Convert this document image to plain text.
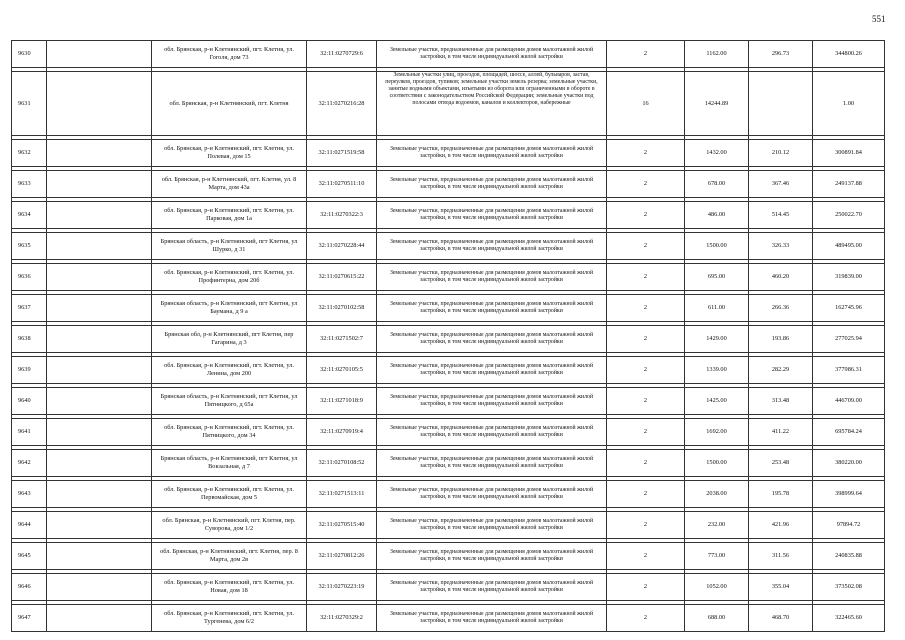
551
9630		обл. Брянская, р-н Клетнянский, пгт. Клетня, ул. Гоголя, дом 73	32:11:0270729:6	Земельные участки, предназначенные для размещения домов малоэтажной жилой застройки, в том числе индивидуальной жилой застройки	2	1162.00	296.73	344800.26

9631		обл. Брянская, р-н Клетнянский, пгт. Клетня	32:11:0270216:28	Земельные участки улиц, проездов, площадей, шоссе, аллей, бульваров, застав, переулков, проездов, тупиков; земельные участки земель резерва; земельные участки, занятые водными объектами, изъятыми из оборота или ограниченными в обороте в соответствии с законодательством Российской Федерации; земельные участки под полосами отвода водоемов, каналов и коллекторов, набережные	16	14244.89		1.00

9632		обл. Брянская, р-н Клетнянский, пгт. Клетня, ул. Полевая, дом 15	32:11:0271519:58	Земельные участки, предназначенные для размещения домов малоэтажной жилой застройки, в том числе индивидуальной жилой застройки	2	1432.00	210.12	300891.84

9633		обл. Брянская, р-н Клетнянский, пгт. Клетня, ул. 8 Марта, дом 43а	32:11:0270511:10	Земельные участки, предназначенные для размещения домов малоэтажной жилой застройки, в том числе индивидуальной жилой застройки	2	678.00	367.46	249137.88

9634		обл. Брянская, р-н Клетнянский, пгт. Клетня, ул. Парковая, дом 1а	32:11:0270322:3	Земельные участки, предназначенные для размещения домов малоэтажной жилой застройки, в том числе индивидуальной жилой застройки	2	486.00	514.45	250022.70

9635		Брянская область, р-н Клетнянский, пгт Клетня, ул Шурко, д 31	32:11:0270228:44	Земельные участки, предназначенные для размещения домов малоэтажной жилой застройки, в том числе индивидуальной жилой застройки	2	1500.00	326.33	489495.00

9636		обл. Брянская, р-н Клетнянский, пгт. Клетня, ул. Профинтерна, дом 20б	32:11:0270615:22	Земельные участки, предназначенные для размещения домов малоэтажной жилой застройки, в том числе индивидуальной жилой застройки	2	695.00	460.20	319839.00

9637		Брянская область, р-н Клетнянский, пгт Клетня, ул Баумана, д 9 а	32:11:0270102:58	Земельные участки, предназначенные для размещения домов малоэтажной жилой застройки, в том числе индивидуальной жилой застройки	2	611.00	266.36	162745.96

9638		Брянская обл, р-н Клетнянский, пгт Клетня, пер Гагарина, д 3	32:11:0271502:7	Земельные участки, предназначенные для размещения домов малоэтажной жилой застройки, в том числе индивидуальной жилой застройки	2	1429.00	193.86	277025.94

9639		обл. Брянская, р-н Клетнянский, пгт. Клетня, ул. Ленина, дом 200	32:11:0270105:5	Земельные участки, предназначенные для размещения домов малоэтажной жилой застройки, в том числе индивидуальной жилой застройки	2	1339.00	282.29	377986.31

9640		Брянская область, р-н Клетнянский, пгт Клетня, ул Пятницкого, д 65а	32:11:0271018:9	Земельные участки, предназначенные для размещения домов малоэтажной жилой застройки, в том числе индивидуальной жилой застройки	2	1425.00	313.48	446709.00

9641		обл. Брянская, р-н Клетнянский, пгт. Клетня, ул. Пятницкого, дом 34	32:11:0270919:4	Земельные участки, предназначенные для размещения домов малоэтажной жилой застройки, в том числе индивидуальной жилой застройки	2	1692.00	411.22	695784.24

9642		Брянская область, р-н Клетнянский, пгт Клетня, ул Вокзальная, д 7	32:11:0270108:52	Земельные участки, предназначенные для размещения домов малоэтажной жилой застройки, в том числе индивидуальной жилой застройки	2	1500.00	253.48	380220.00

9643		обл. Брянская, р-н Клетнянский, пгт. Клетня, ул. Первомайская, дом 5	32:11:0271513:11	Земельные участки, предназначенные для размещения домов малоэтажной жилой застройки, в том числе индивидуальной жилой застройки	2	2038.00	195.78	398999.64

9644		обл. Брянская, р-н Клетнянский, пгт. Клетня, пер. Суворова, дом 1/2	32:11:0270515:40	Земельные участки, предназначенные для размещения домов малоэтажной жилой застройки, в том числе индивидуальной жилой застройки	2	232.00	421.96	97894.72

9645		обл. Брянская, р-н Клетнянский, пгт. Клетня, пер. 8 Марта, дом 2в	32:11:0270812:26	Земельные участки, предназначенные для размещения домов малоэтажной жилой застройки, в том числе индивидуальной жилой застройки	2	773.00	311.56	240835.88

9646		обл. Брянская, р-н Клетнянский, пгт. Клетня, ул. Новая, дом 18	32:11:0270223:19	Земельные участки, предназначенные для размещения домов малоэтажной жилой застройки, в том числе индивидуальной жилой застройки	2	1052.00	355.04	373502.08

9647		обл. Брянская, р-н Клетнянский, пгт. Клетня, ул. Тургенева, дом 6/2	32:11:0270329:2	Земельные участки, предназначенные для размещения домов малоэтажной жилой застройки, в том числе индивидуальной жилой застройки	2	688.00	468.70	322465.60
